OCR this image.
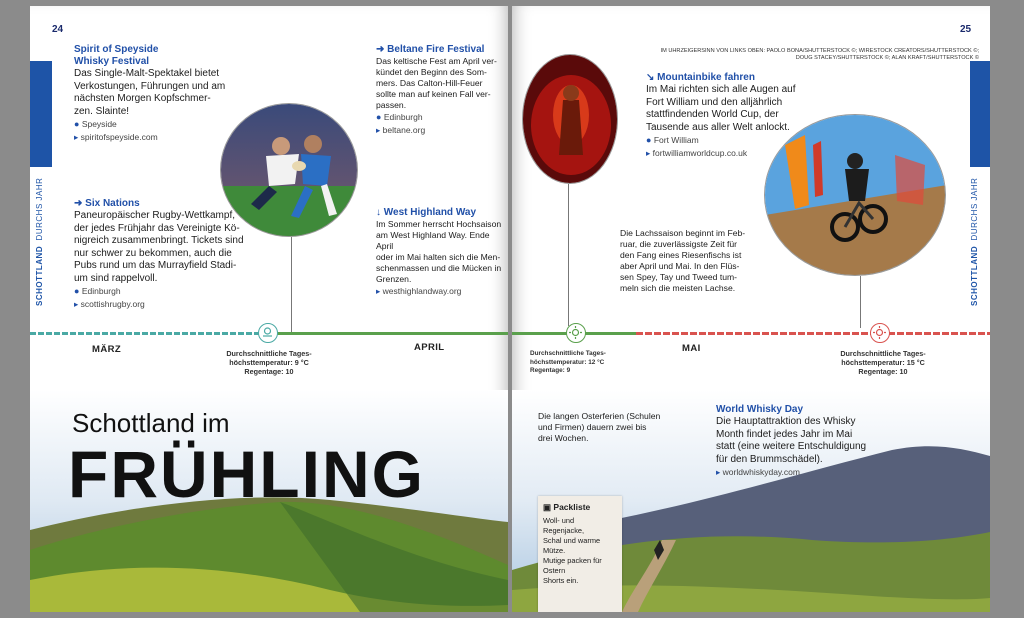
24
SCHOTTLAND  DURCHS JAHR
Spirit of Speyside
Whisky Festival
Das Single-Malt-Spektakel bietet
Verkostungen, Führungen und am
nächsten Morgen Kopfschmer-
zen. Slainte!
● Speyside
▸ spiritofspeyside.com
➜ Six Nations
Paneuropäischer Rugby-Wettkampf,
der jedes Frühjahr das Vereinigte Kö-
nigreich zusammenbringt. Tickets sind
nur schwer zu bekommen, auch die
Pubs rund um das Murrayfield Stadi-
um sind rappelvoll.
● Edinburgh
▸ scottishrugby.org
➜ Beltane Fire Festival
Das keltische Fest am April ver-
kündet den Beginn des Som-
mers. Das Calton-Hill-Feuer
sollte man auf keinen Fall ver-
passen.
● Edinburgh
▸ beltane.org
↓ West Highland Way
Im Sommer herrscht Hochsaison
am West Highland Way. Ende April
oder im Mai halten sich die Men-
schenmassen und die Mücken in
Grenzen.
▸ westhighlandway.org
MÄRZ	APRIL
Durchschnittliche Tages-
höchsttemperatur: 9 °C
Regentage: 10
Schottland im
FRÜHLING
25
SCHOTTLAND  DURCHS JAHR
IM UHRZEIGERSINN VON LINKS OBEN: PAOLO BONA/SHUTTERSTOCK ©; WIRESTOCK CREATORS/SHUTTERSTOCK ©;
DOUG STACEY/SHUTTERSTOCK ©; ALAN KRAFT/SHUTTERSTOCK ©
↘ Mountainbike fahren
Im Mai richten sich alle Augen auf
Fort William und den alljährlich
stattfindenden World Cup, der
Tausende aus aller Welt anlockt.
● Fort William
▸ fortwilliamworldcup.co.uk
Die Lachssaison beginnt im Feb-
ruar, die zuverlässigste Zeit für
den Fang eines Riesenfischs ist
aber April und Mai. In den Flüs-
sen Spey, Tay und Tweed tum-
meln sich die meisten Lachse.
MAI
Durchschnittliche Tages-
höchsttemperatur: 12 °C
Regentage: 9
Durchschnittliche Tages-
höchsttemperatur: 15 °C
Regentage: 10
Die langen Osterferien (Schulen
und Firmen) dauern zwei bis
drei Wochen.
World Whisky Day
Die Hauptattraktion des Whisky
Month findet jedes Jahr im Mai
statt (eine weitere Entschuldigung
für den Brummschädel).
▸ worldwhiskyday.com
▣ Packliste
Woll- und Regenjacke,
Schal und warme Mütze.
Mutige packen für Ostern
Shorts ein.
